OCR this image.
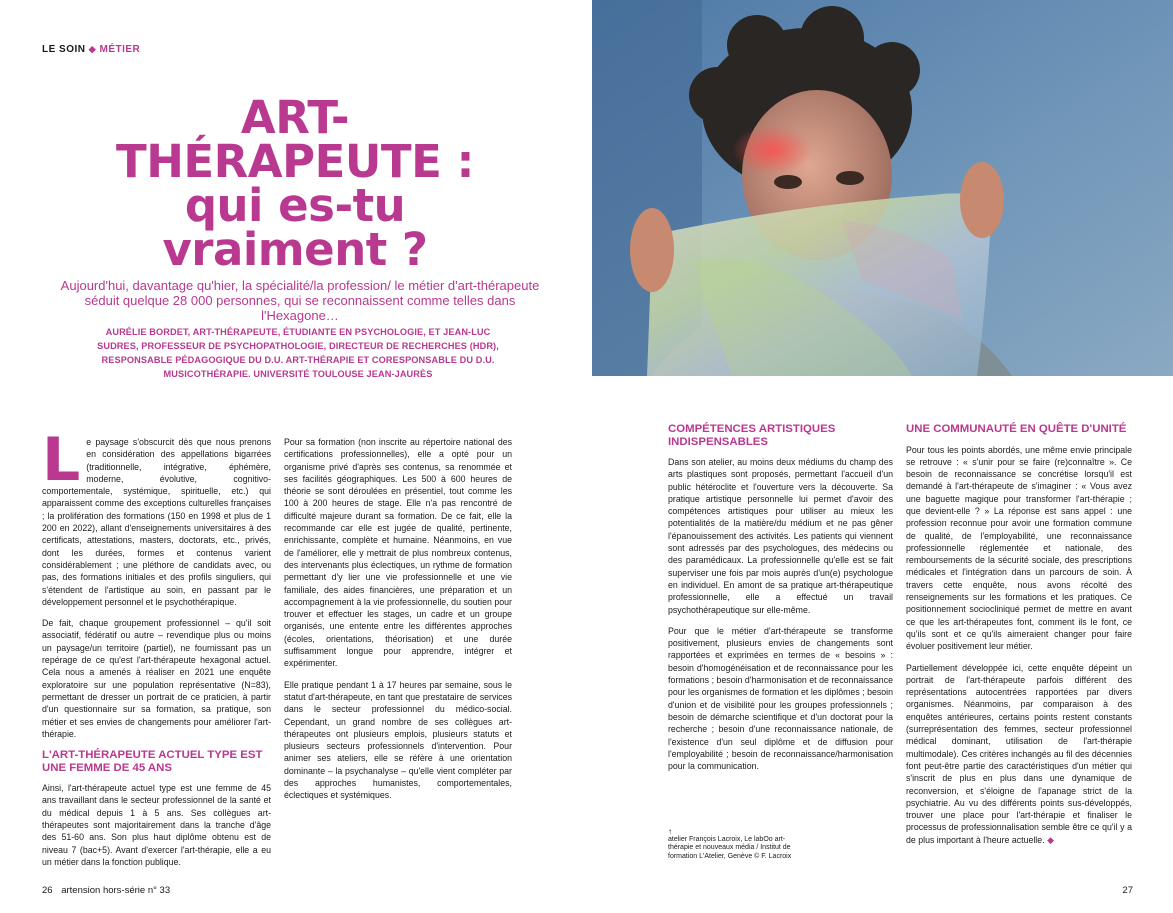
LE SOIN ◆ MÉTIER
ART-
THÉRAPEUTE :
qui es-tu
vraiment ?

Aujourd'hui, davantage qu'hier, la spécialité/la profession/ le métier d'art-thérapeute séduit quelque 28 000 personnes, qui se reconnaissent comme telles dans l'Hexagone…

AURÉLIE BORDET, ART-THÉRAPEUTE, ÉTUDIANTE EN PSYCHOLOGIE, ET JEAN-LUC SUDRES, PROFESSEUR DE PSYCHOPATHOLOGIE, DIRECTEUR DE RECHERCHES (HDR), RESPONSABLE PÉDAGOGIQUE DU D.U. ART-THÉRAPIE ET CORESPONSABLE DU D.U. MUSICOTHÉRAPIE. UNIVERSITÉ TOULOUSE JEAN-JAURÈS

Le paysage s'obscurcit dès que nous prenons en considération des appellations bigarrées (traditionnelle, intégrative, éphémère, moderne, évolutive, cognitivo-comportementale, systémique, spirituelle, etc.) qui apparaissent comme des exceptions culturelles françaises ; la prolifération des formations (150 en 1998 et plus de 1 200 en 2022), allant d'enseignements universitaires à des certificats, attestations, masters, doctorats, etc., privés, dont les durées, formes et contenus varient considérablement ; une pléthore de candidats avec, ou pas, des formations initiales et des profils singuliers, qui s'étendent de l'artistique au soin, en passant par le développement personnel et le psychothérapique.

De fait, chaque groupement professionnel – qu'il soit associatif, fédératif ou autre – revendique plus ou moins un paysage/un territoire (partiel), ne fournissant pas un repérage de ce qu'est l'art-thérapeute hexagonal actuel. Cela nous a amenés à réaliser en 2021 une enquête exploratoire sur une population représentative (N=83), permettant de dresser un portrait de ce praticien, à partir d'un questionnaire sur sa formation, sa pratique, son métier et ses envies de changements pour améliorer l'art-thérapie.

L'ART-THÉRAPEUTE ACTUEL TYPE EST UNE FEMME DE 45 ANS

Ainsi, l'art-thérapeute actuel type est une femme de 45 ans travaillant dans le secteur professionnel de la santé et du médical depuis 1 à 5 ans. Ses collègues art-thérapeutes sont majoritairement dans la tranche d'âge des 51-60 ans. Son plus haut diplôme obtenu est de niveau 7 (bac+5). Avant d'exercer l'art-thérapie, elle a eu un métier dans la fonction publique.

Pour sa formation (non inscrite au répertoire national des certifications professionnelles), elle a opté pour un organisme privé d'après ses contenus, sa renommée et ses facilités géographiques. Les 500 à 600 heures de théorie se sont déroulées en présentiel, tout comme les 100 à 200 heures de stage. Elle n'a pas rencontré de difficulté majeure durant sa formation. De ce fait, elle la recommande car elle est jugée de qualité, pertinente, enrichissante, complète et humaine. Néanmoins, en vue de l'améliorer, elle y mettrait de plus nombreux contenus, des intervenants plus éclectiques, un rythme de formation permettant d'y lier une vie professionnelle et une vie familiale, des aides financières, une préparation et un accompagnement à la vie professionnelle, du soutien pour trouver et effectuer les stages, un cadre et un groupe organisés, une entente entre les différentes approches (écoles, orientations, théorisation) et une durée suffisamment longue pour apprendre, intégrer et expérimenter.

Elle pratique pendant 1 à 17 heures par semaine, sous le statut d'art-thérapeute, en tant que prestataire de services dans le secteur professionnel du médico-social. Cependant, un grand nombre de ses collègues art-thérapeutes ont plusieurs emplois, plusieurs statuts et plusieurs secteurs professionnels d'intervention. Pour animer ses ateliers, elle se réfère à une orientation dominante – la psychanalyse – qu'elle vient compléter par des approches humanistes, comportementales, éclectiques et systémiques.

COMPÉTENCES ARTISTIQUES INDISPENSABLES

Dans son atelier, au moins deux médiums du champ des arts plastiques sont proposés, permettant l'accueil d'un public hétéroclite et l'ouverture vers la découverte. Sa pratique artistique personnelle lui permet d'avoir des compétences artistiques pour utiliser au mieux les potentialités de la matière/du médium et ne pas gêner l'épanouissement des activités. Les patients qui viennent sont adressés par des psychologues, des médecins ou des paramédicaux. La professionnelle qu'elle est se fait superviser une fois par mois auprès d'un(e) psychologue en individuel. En amont de sa pratique art-thérapeutique professionnelle, elle a effectué un travail psychothérapeutique sur elle-même.

Pour que le métier d'art-thérapeute se transforme positivement, plusieurs envies de changements sont rapportées et exprimées en termes de « besoins » : besoin d'homogénéisation et de reconnaissance pour les formations ; besoin d'harmonisation et de reconnaissance pour les organismes de formation et les diplômes ; besoin d'union et de visibilité pour les groupes professionnels ; besoin de démarche scientifique et d'un doctorat pour la recherche ; besoin d'une reconnaissance nationale, de l'existence d'un seul diplôme et de diffusion pour l'employabilité ; besoin de reconnaissance/harmonisation pour la communication.

↑
atelier François Lacroix, Le labOo art-thérapie et nouveaux média / Institut de formation L'Atelier, Genève © F. Lacroix
UNE COMMUNAUTÉ EN QUÊTE D'UNITÉ

Pour tous les points abordés, une même envie principale se retrouve : « s'unir pour se faire (re)connaître ». Ce besoin de reconnaissance se concrétise lorsqu'il est demandé à l'art-thérapeute de s'imaginer : « Vous avez une baguette magique pour transformer l'art-thérapie ; que devient-elle ? » La réponse est sans appel : une profession reconnue pour avoir une formation commune de qualité, de l'employabilité, une reconnaissance professionnelle réglementée et nationale, des remboursements de la sécurité sociale, des prescriptions médicales et l'intégration dans un parcours de soin. À travers cette enquête, nous avons récolté des renseignements sur les formations et les pratiques. Ce positionnement sociocliniqué permet de mettre en avant ce que les art-thérapeutes font, comment ils le font, ce qu'ils sont et ce qu'ils aimeraient changer pour faire évoluer positivement leur métier.

Partiellement développée ici, cette enquête dépeint un portrait de l'art-thérapeute parfois différent des représentations autocentrées rapportées par divers organismes. Néanmoins, par comparaison à des enquêtes antérieures, certains points restent constants (surreprésentation des femmes, secteur professionnel médical dominant, utilisation de l'art-thérapie multimodale). Ces critères inchangés au fil des décennies font peut-être partie des caractéristiques d'un métier qui s'inscrit de plus en plus dans une dynamique de reconversion, et s'éloigne de l'apanage strict de la psychiatrie. Au vu des différents points sus-développés, trouver une place pour l'art-thérapie et finaliser le processus de professionnalisation semble être ce qu'il y a de plus important à l'heure actuelle. ◆

26 artension hors-série n° 33	27
